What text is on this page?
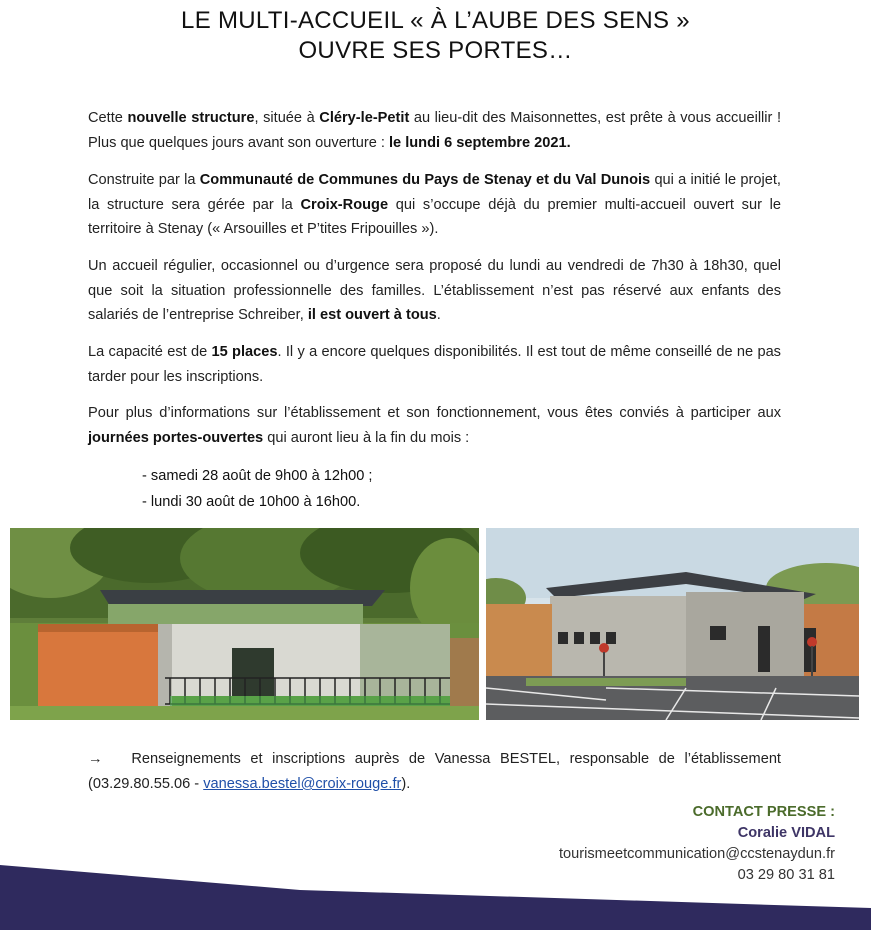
LE MULTI-ACCUEIL « À L’AUBE DES SENS »
OUVRE SES PORTES…

Cette nouvelle structure, située à Cléry-le-Petit au lieu-dit des Maisonnettes, est prête à vous accueillir ! Plus que quelques jours avant son ouverture : le lundi 6 septembre 2021.

Construite par la Communauté de Communes du Pays de Stenay et du Val Dunois qui a initié le projet, la structure sera gérée par la Croix-Rouge qui s’occupe déjà du premier multi-accueil ouvert sur le territoire à Stenay (« Arsouilles et P’tites Fripouilles »).

Un accueil régulier, occasionnel ou d’urgence sera proposé du lundi au vendredi de 7h30 à 18h30, quel que soit la situation professionnelle des familles. L’établissement n’est pas réservé aux enfants des salariés de l’entreprise Schreiber, il est ouvert à tous.

La capacité est de 15 places. Il y a encore quelques disponibilités. Il est tout de même conseillé de ne pas tarder pour les inscriptions.

Pour plus d’informations sur l’établissement et son fonctionnement, vous êtes conviés à participer aux journées portes-ouvertes qui auront lieu à la fin du mois :

- samedi 28 août de 9h00 à 12h00 ;
- lundi 30 août de 10h00 à 16h00.
→ Renseignements et inscriptions auprès de Vanessa BESTEL, responsable de l’établissement (03.29.80.55.06 - vanessa.bestel@croix-rouge.fr).
CONTACT PRESSE :
Coralie VIDAL
tourismeetcommunication@ccstenaydun.fr
03 29 80 31 81
